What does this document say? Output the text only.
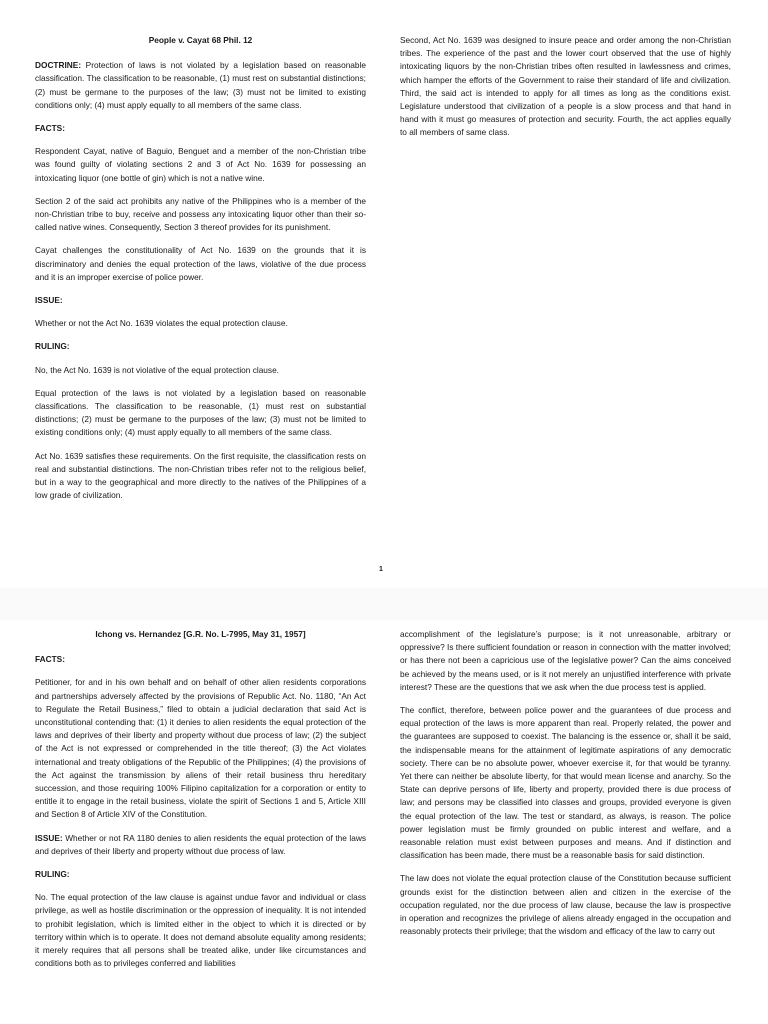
People v. Cayat 68 Phil. 12

DOCTRINE: Protection of laws is not violated by a legislation based on reasonable classification. The classification to be reasonable, (1) must rest on substantial distinctions; (2) must be germane to the purposes of the law; (3) must not be limited to existing conditions only; (4) must apply equally to all members of the same class.

FACTS:

Respondent Cayat, native of Baguio, Benguet and a member of the non-Christian tribe was found guilty of violating sections 2 and 3 of Act No. 1639 for possessing an intoxicating liquor (one bottle of gin) which is not a native wine.

Section 2 of the said act prohibits any native of the Philippines who is a member of the non-Christian tribe to buy, receive and possess any intoxicating liquor other than their so-called native wines. Consequently, Section 3 thereof provides for its punishment.

Cayat challenges the constitutionality of Act No. 1639 on the grounds that it is discriminatory and denies the equal protection of the laws, violative of the due process and it is an improper exercise of police power.

ISSUE:

Whether or not the Act No. 1639 violates the equal protection clause.

RULING:

No, the Act No. 1639 is not violative of the equal protection clause.

Equal protection of the laws is not violated by a legislation based on reasonable classifications. The classification to be reasonable, (1) must rest on substantial distinctions; (2) must be germane to the purposes of the law; (3) must not be limited to existing conditions only; (4) must apply equally to all members of the same class.

Act No. 1639 satisfies these requirements. On the first requisite, the classification rests on real and substantial distinctions. The non-Christian tribes refer not to the religious belief, but in a way to the geographical and more directly to the natives of the Philippines of a low grade of civilization.

Second, Act No. 1639 was designed to insure peace and order among the non-Christian tribes. The experience of the past and the lower court observed that the use of highly intoxicating liquors by the non-Christian tribes often resulted in lawlessness and crimes, which hamper the efforts of the Government to raise their standard of life and civilization. Third, the said act is intended to apply for all times as long as the conditions exist. Legislature understood that civilization of a people is a slow process and that hand in hand with it must go measures of protection and security. Fourth, the act applies equally to all members of same class.

1

Ichong vs. Hernandez [G.R. No. L-7995, May 31, 1957]

FACTS:

Petitioner, for and in his own behalf and on behalf of other alien residents corporations and partnerships adversely affected by the provisions of Republic Act. No. 1180, “An Act to Regulate the Retail Business,” filed to obtain a judicial declaration that said Act is unconstitutional contending that: (1) it denies to alien residents the equal protection of the laws and deprives of their liberty and property without due process of law; (2) the subject of the Act is not expressed or comprehended in the title thereof; (3) the Act violates international and treaty obligations of the Republic of the Philippines; (4) the provisions of the Act against the transmission by aliens of their retail business thru hereditary succession, and those requiring 100% Filipino capitalization for a corporation or entity to entitle it to engage in the retail business, violate the spirit of Sections 1 and 5, Article XIII and Section 8 of Article XIV of the Constitution.

ISSUE: Whether or not RA 1180 denies to alien residents the equal protection of the laws and deprives of their liberty and property without due process of law.

RULING:

No. The equal protection of the law clause is against undue favor and individual or class privilege, as well as hostile discrimination or the oppression of inequality. It is not intended to prohibit legislation, which is limited either in the object to which it is directed or by territory within which is to operate. It does not demand absolute equality among residents; it merely requires that all persons shall be treated alike, under like circumstances and conditions both as to privileges conferred and liabilities

accomplishment of the legislature’s purpose; is it not unreasonable, arbitrary or oppressive? Is there sufficient foundation or reason in connection with the matter involved; or has there not been a capricious use of the legislative power? Can the aims conceived be achieved by the means used, or is it not merely an unjustified interference with private interest? These are the questions that we ask when the due process test is applied.

The conflict, therefore, between police power and the guarantees of due process and equal protection of the laws is more apparent than real. Properly related, the power and the guarantees are supposed to coexist. The balancing is the essence or, shall it be said, the indispensable means for the attainment of legitimate aspirations of any democratic society. There can be no absolute power, whoever exercise it, for that would be tyranny. Yet there can neither be absolute liberty, for that would mean license and anarchy. So the State can deprive persons of life, liberty and property, provided there is due process of law; and persons may be classified into classes and groups, provided everyone is given the equal protection of the law. The test or standard, as always, is reason. The police power legislation must be firmly grounded on public interest and welfare, and a reasonable relation must exist between purposes and means. And if distinction and classification has been made, there must be a reasonable basis for said distinction.

The law does not violate the equal protection clause of the Constitution because sufficient grounds exist for the distinction between alien and citizen in the exercise of the occupation regulated, nor the due process of law clause, because the law is prospective in operation and recognizes the privilege of aliens already engaged in the occupation and reasonably protects their privilege; that the wisdom and efficacy of the law to carry out
